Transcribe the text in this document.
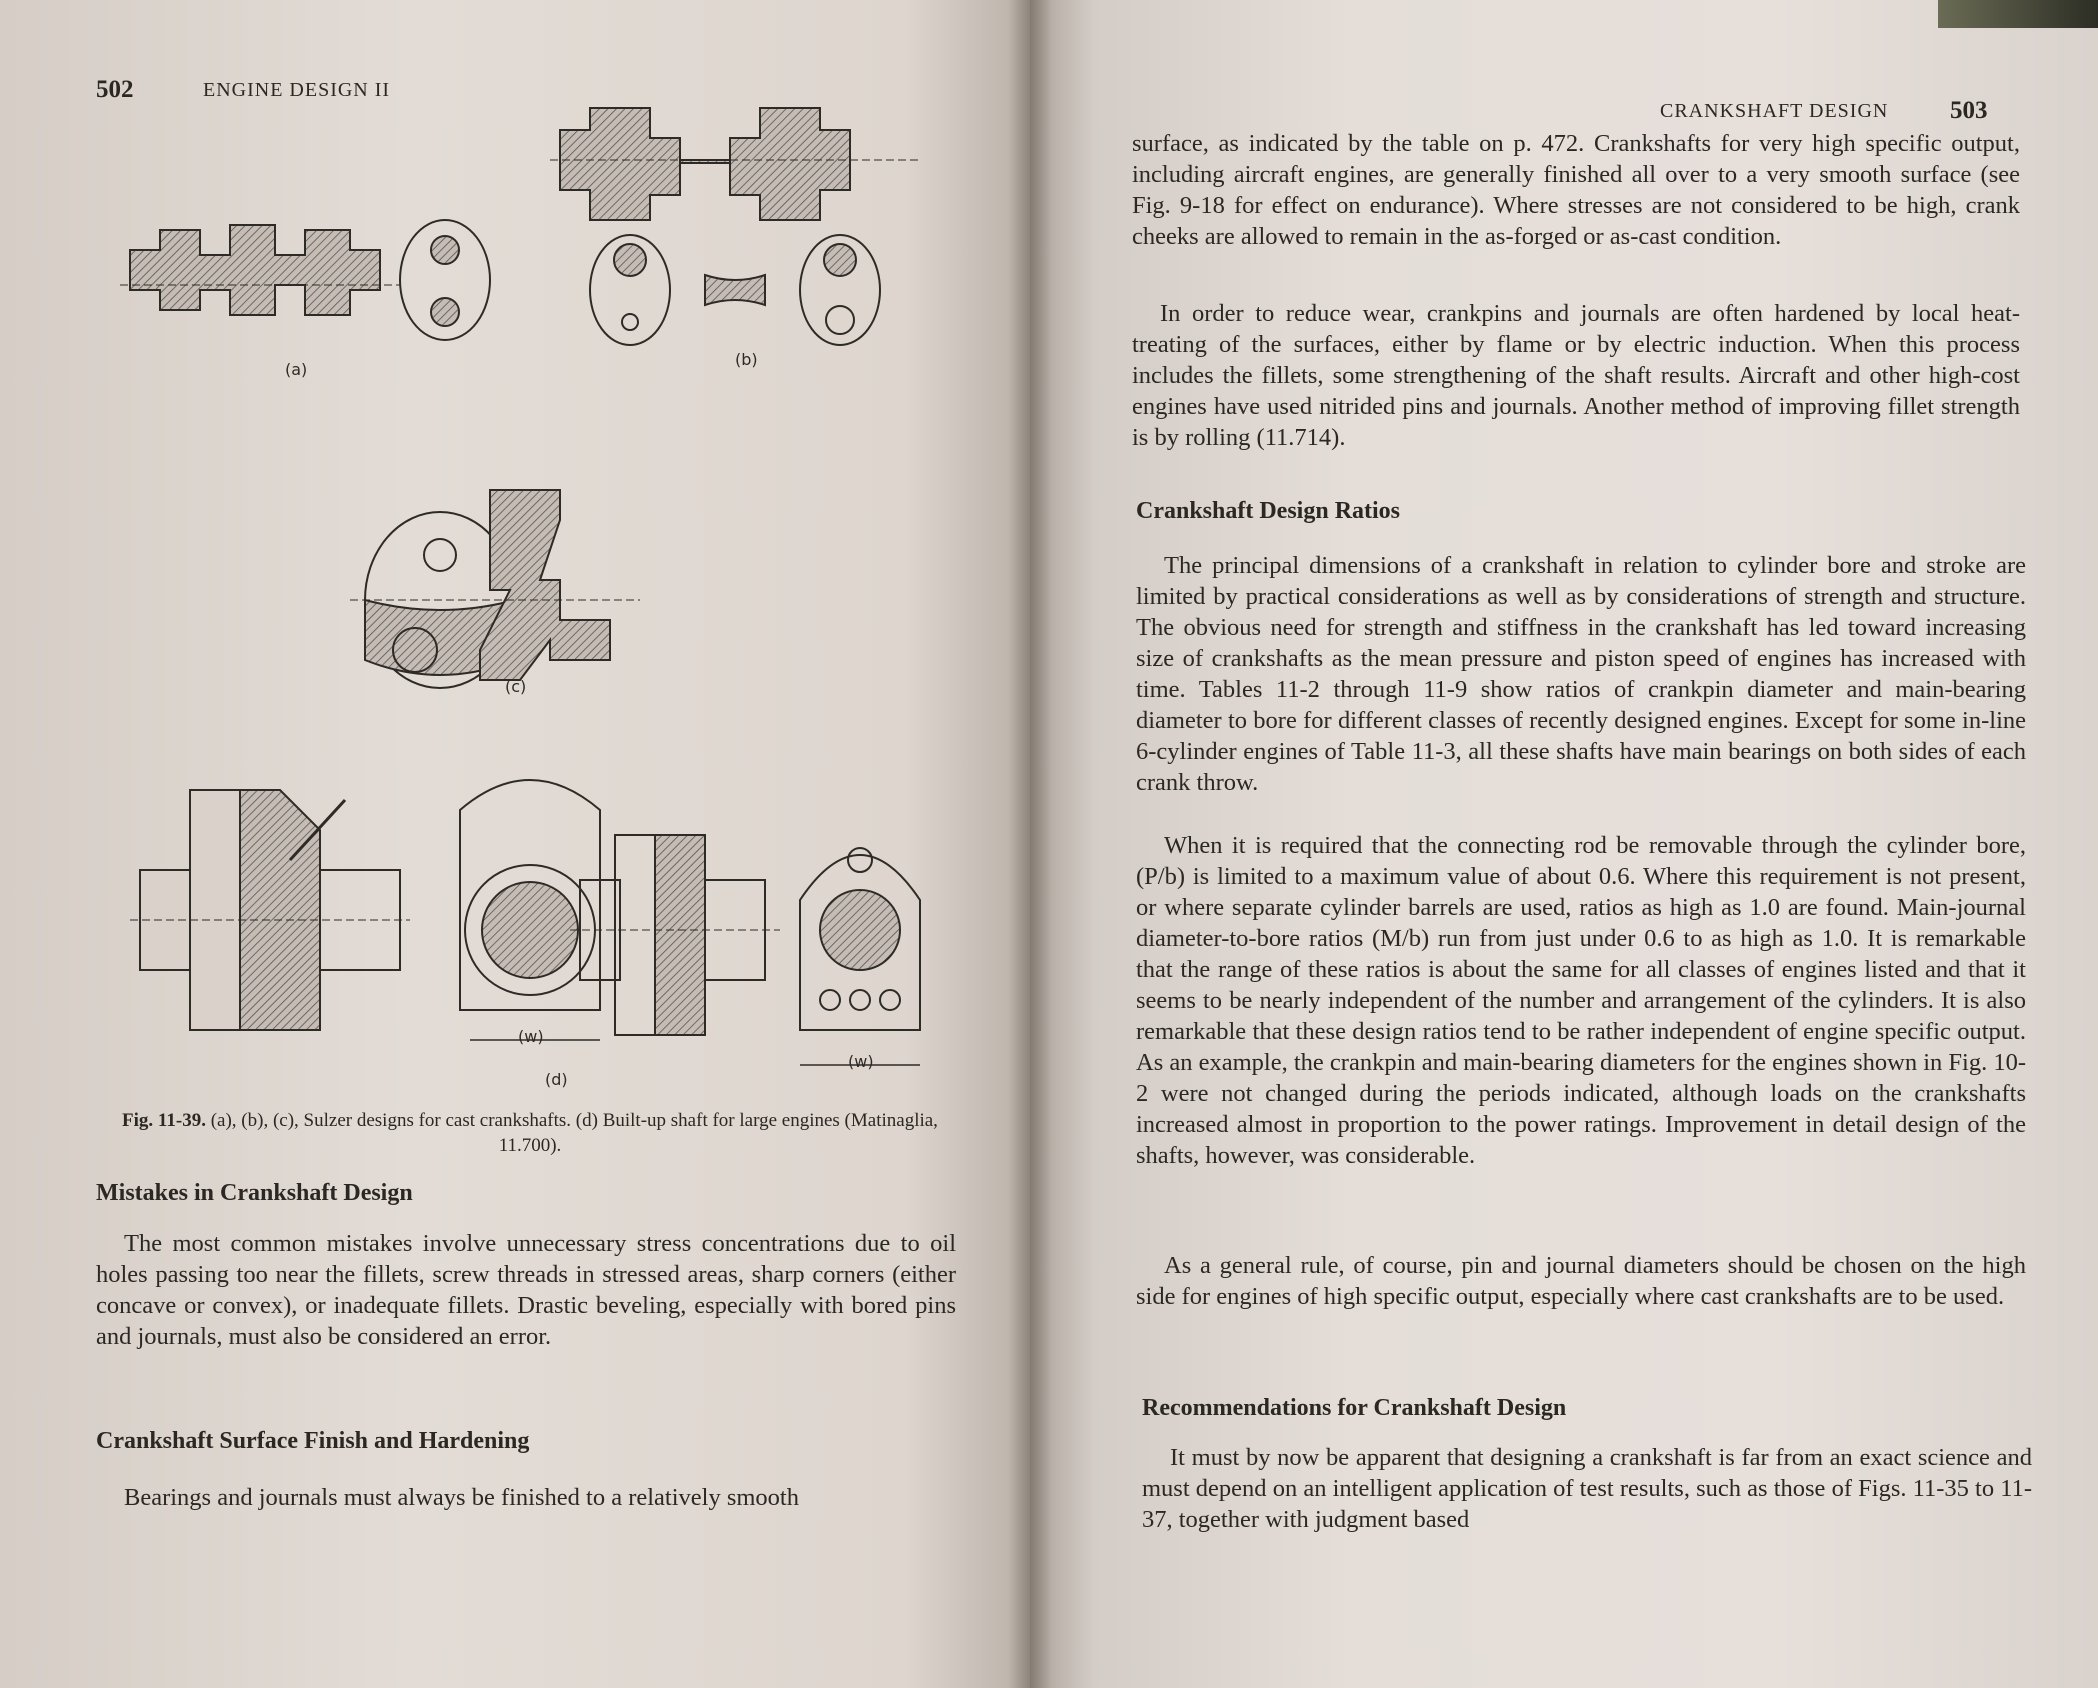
502	ENGINE DESIGN II
(a)
(b)
(c)
(d)
(w)
(w)
Fig. 11-39. (a), (b), (c), Sulzer designs for cast crankshafts. (d) Built-up shaft for large engines (Matinaglia, 11.700).
Mistakes in Crankshaft Design
The most common mistakes involve unnecessary stress concentrations due to oil holes passing too near the fillets, screw threads in stressed areas, sharp corners (either concave or convex), or inadequate fillets. Drastic beveling, especially with bored pins and journals, must also be considered an error.
Crankshaft Surface Finish and Hardening
Bearings and journals must always be finished to a relatively smooth
CRANKSHAFT DESIGN 503
surface, as indicated by the table on p. 472. Crankshafts for very high specific output, including aircraft engines, are generally finished all over to a very smooth surface (see Fig. 9-18 for effect on endurance). Where stresses are not considered to be high, crank cheeks are allowed to remain in the as-forged or as-cast condition.
In order to reduce wear, crankpins and journals are often hardened by local heat-treating of the surfaces, either by flame or by electric induction. When this process includes the fillets, some strengthening of the shaft results. Aircraft and other high-cost engines have used nitrided pins and journals. Another method of improving fillet strength is by rolling (11.714).
Crankshaft Design Ratios
The principal dimensions of a crankshaft in relation to cylinder bore and stroke are limited by practical considerations as well as by considerations of strength and structure. The obvious need for strength and stiffness in the crankshaft has led toward increasing size of crankshafts as the mean pressure and piston speed of engines has increased with time. Tables 11-2 through 11-9 show ratios of crankpin diameter and main-bearing diameter to bore for different classes of recently designed engines. Except for some in-line 6-cylinder engines of Table 11-3, all these shafts have main bearings on both sides of each crank throw.
When it is required that the connecting rod be removable through the cylinder bore, (P/b) is limited to a maximum value of about 0.6. Where this requirement is not present, or where separate cylinder barrels are used, ratios as high as 1.0 are found. Main-journal diameter-to-bore ratios (M/b) run from just under 0.6 to as high as 1.0. It is remarkable that the range of these ratios is about the same for all classes of engines listed and that it seems to be nearly independent of the number and arrangement of the cylinders. It is also remarkable that these design ratios tend to be rather independent of engine specific output. As an example, the crankpin and main-bearing diameters for the engines shown in Fig. 10-2 were not changed during the periods indicated, although loads on the crankshafts increased almost in proportion to the power ratings. Improvement in detail design of the shafts, however, was considerable.
As a general rule, of course, pin and journal diameters should be chosen on the high side for engines of high specific output, especially where cast crankshafts are to be used.
Recommendations for Crankshaft Design
It must by now be apparent that designing a crankshaft is far from an exact science and must depend on an intelligent application of test results, such as those of Figs. 11-35 to 11-37, together with judgment based
